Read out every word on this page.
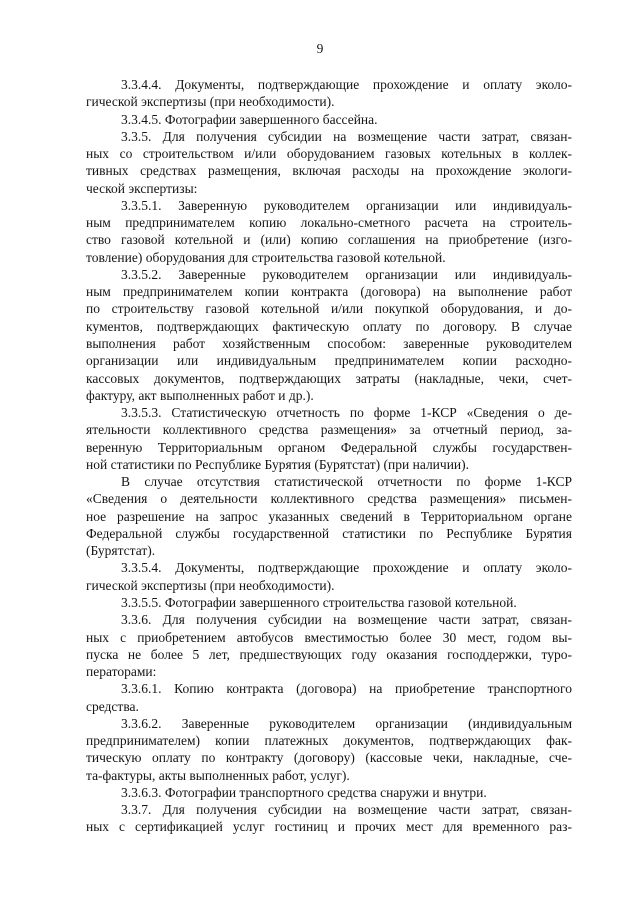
9
3.3.4.4. Документы, подтверждающие прохождение и оплату эколо-
гической экспертизы (при необходимости).
3.3.4.5. Фотографии завершенного бассейна.
3.3.5. Для получения субсидии на возмещение части затрат, связан-
ных со строительством и/или оборудованием газовых котельных в коллек-
тивных средствах размещения, включая расходы на прохождение экологи-
ческой экспертизы:
3.3.5.1. Заверенную руководителем организации или индивидуаль-
ным предпринимателем копию локально-сметного расчета на строитель-
ство газовой котельной и (или) копию соглашения на приобретение (изго-
товление) оборудования для строительства газовой котельной.
3.3.5.2. Заверенные руководителем организации или индивидуаль-
ным предпринимателем копии контракта (договора) на выполнение работ
по строительству газовой котельной и/или покупкой оборудования, и до-
кументов, подтверждающих фактическую оплату по договору. В случае
выполнения работ хозяйственным способом: заверенные руководителем
организации или индивидуальным предпринимателем копии расходно-
кассовых документов, подтверждающих затраты (накладные, чеки, счет-
фактуру, акт выполненных работ и др.).
3.3.5.3. Статистическую отчетность по форме 1-КСР «Сведения о де-
ятельности коллективного средства размещения» за отчетный период, за-
веренную Территориальным органом Федеральной службы государствен-
ной статистики по Республике Бурятия (Бурятстат) (при наличии).
В случае отсутствия статистической отчетности по форме 1-КСР
«Сведения о деятельности коллективного средства размещения» письмен-
ное разрешение на запрос указанных сведений в Территориальном органе
Федеральной службы государственной статистики по Республике Бурятия
(Бурятстат).
3.3.5.4. Документы, подтверждающие прохождение и оплату эколо-
гической экспертизы (при необходимости).
3.3.5.5. Фотографии завершенного строительства газовой котельной.
3.3.6. Для получения субсидии на возмещение части затрат, связан-
ных с приобретением автобусов вместимостью более 30 мест, годом вы-
пуска не более 5 лет, предшествующих году оказания господдержки, туро-
ператорами:
3.3.6.1. Копию контракта (договора) на приобретение транспортного
средства.
3.3.6.2. Заверенные руководителем организации (индивидуальным
предпринимателем) копии платежных документов, подтверждающих фак-
тическую оплату по контракту (договору) (кассовые чеки, накладные, сче-
та-фактуры, акты выполненных работ, услуг).
3.3.6.3. Фотографии транспортного средства снаружи и внутри.
3.3.7. Для получения субсидии на возмещение части затрат, связан-
ных с сертификацией услуг гостиниц и прочих мест для временного раз-
